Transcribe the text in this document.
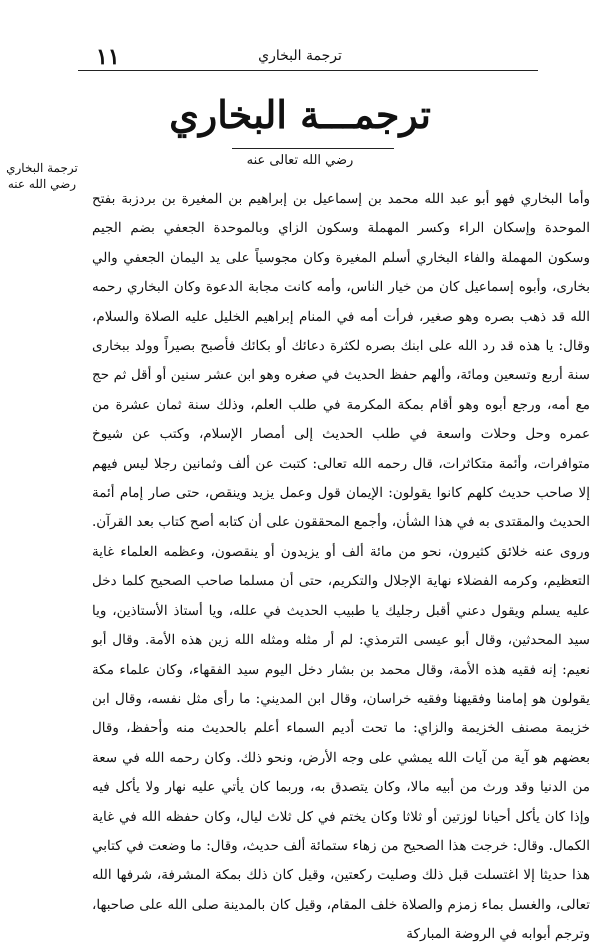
١١	ترجمة البخاري
ترجمـــة البخاري
رضي الله تعالى عنه
ترجمة البخاري رضي الله عنه

وأما البخاري فهو أبو عبد الله محمد بن إسماعيل بن إبراهيم بن المغيرة بن بردزبة بفتح الموحدة وإسكان الراء وكسر المهملة وسكون الزاي وبالموحدة الجعفي بضم الجيم وسكون المهملة والفاء البخاري أسلم المغيرة وكان مجوسياً على يد اليمان الجعفي والي بخارى، وأبوه إسماعيل كان من خيار الناس، وأمه كانت مجابة الدعوة وكان البخاري رحمه الله قد ذهب بصره وهو صغير، فرأت أمه في المنام إبراهيم الخليل عليه الصلاة والسلام، وقال: يا هذه قد رد الله على ابنك بصره لكثرة دعائك أو بكائك فأصبح بصيراً وولد ببخارى سنة أربع وتسعين ومائة، وألهم حفظ الحديث في صغره وهو ابن عشر سنين أو أقل ثم حج مع أمه، ورجع أبوه وهو أقام بمكة المكرمة في طلب العلم، وذلك سنة ثمان عشرة من عمره وحل وحلات واسعة في طلب الحديث إلى أمصار الإسلام، وكتب عن شيوخ متوافرات، وأئمة متكاثرات، قال رحمه الله تعالى: كتبت عن ألف وثمانين رجلا ليس فيهم إلا صاحب حديث كلهم كانوا يقولون: الإيمان قول وعمل يزيد وينقص، حتى صار إمام أئمة الحديث والمقتدى به في هذا الشأن، وأجمع المحققون على أن كتابه أصح كتاب بعد القرآن. وروى عنه خلائق كثيرون، نحو من مائة ألف أو يزيدون أو ينقصون، وعظمه العلماء غاية التعظيم، وكرمه الفضلاء نهاية الإجلال والتكريم، حتى أن مسلما صاحب الصحيح كلما دخل عليه يسلم ويقول دعني أقبل رجليك يا طبيب الحديث في علله، ويا أستاذ الأستاذين، ويا سيد المحدثين، وقال أبو عيسى الترمذي: لم أر مثله ومثله الله زين هذه الأمة. وقال أبو نعيم: إنه فقيه هذه الأمة، وقال محمد بن بشار دخل اليوم سيد الفقهاء، وكان علماء مكة يقولون هو إمامنا وفقيهنا وفقيه خراسان، وقال ابن المديني: ما رأى مثل نفسه، وقال ابن خزيمة مصنف الخزيمة والزاي: ما تحت أديم السماء أعلم بالحديث منه وأحفظ، وقال بعضهم هو آية من آيات الله يمشي على وجه الأرض، ونحو ذلك. وكان رحمه الله في سعة من الدنيا وقد ورث من أبيه مالا، وكان يتصدق به، وربما كان يأتي عليه نهار ولا يأكل فيه وإذا كان يأكل أحيانا لوزتين أو ثلاثا وكان يختم في كل ثلاث ليال، وكان حفظه الله في غاية الكمال. وقال: خرجت هذا الصحيح من زهاء ستمائة ألف حديث، وقال: ما وضعت في كتابي هذا حديثا إلا اغتسلت قبل ذلك وصليت ركعتين، وقيل كان ذلك بمكة المشرفة، شرفها الله تعالى، والغسل بماء زمزم والصلاة خلف المقام، وقيل كان بالمدينة صلى الله على صاحبها، وترجم أبوابه في الروضة المباركة
